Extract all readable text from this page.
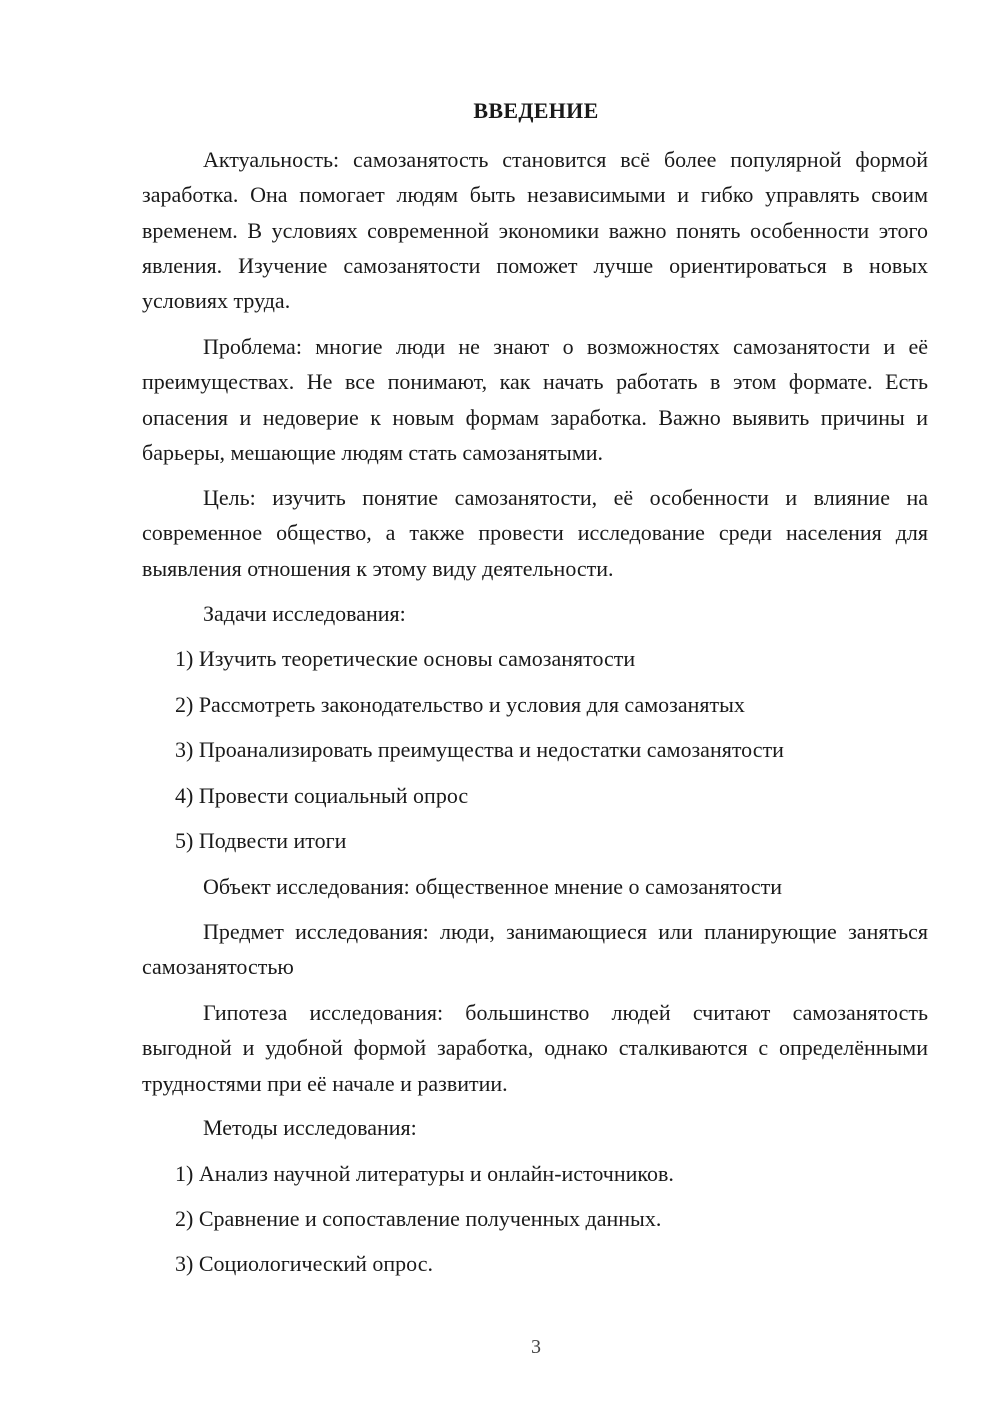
ВВЕДЕНИЕ

Актуальность: самозанятость становится всё более популярной формой заработка. Она помогает людям быть независимыми и гибко управлять своим временем. В условиях современной экономики важно понять особенности этого явления. Изучение самозанятости поможет лучше ориентироваться в новых условиях труда.

Проблема: многие люди не знают о возможностях самозанятости и её преимуществах. Не все понимают, как начать работать в этом формате. Есть опасения и недоверие к новым формам заработка. Важно выявить причины и барьеры, мешающие людям стать самозанятыми.

Цель: изучить понятие самозанятости, её особенности и влияние на современное общество, а также провести исследование среди населения для выявления отношения к этому виду деятельности.

Задачи исследования:

1) Изучить теоретические основы самозанятости

2) Рассмотреть законодательство и условия для самозанятых

3) Проанализировать преимущества и недостатки самозанятости

4) Провести социальный опрос

5) Подвести итоги

Объект исследования: общественное мнение о самозанятости

Предмет исследования: люди, занимающиеся или планирующие заняться самозанятостью

Гипотеза исследования: большинство людей считают самозанятость выгодной и удобной формой заработка, однако сталкиваются с определёнными трудностями при её начале и развитии.

Методы исследования:

1) Анализ научной литературы и онлайн-источников.

2) Сравнение и сопоставление полученных данных.

3) Социологический опрос.

3
